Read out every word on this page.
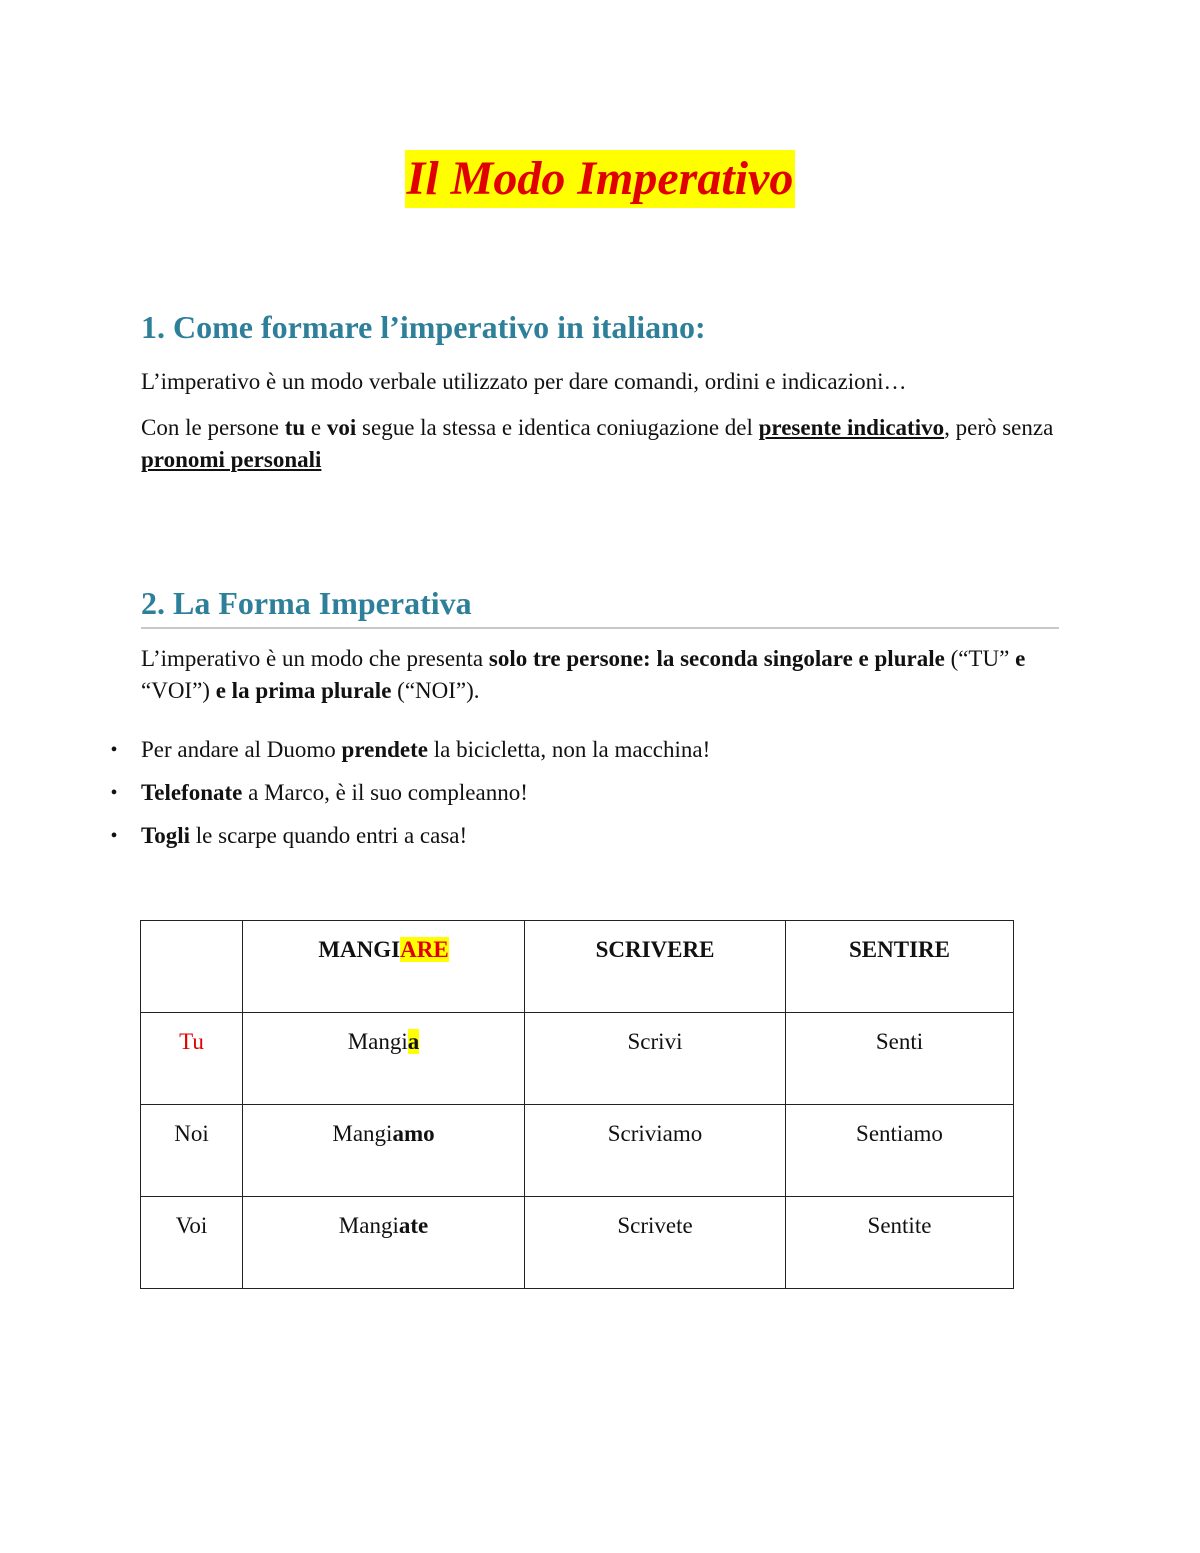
Il Modo Imperativo
1. Come formare l’imperativo in italiano:
L’imperativo è un modo verbale utilizzato per dare comandi, ordini e indicazioni…
Con le persone tu e voi segue la stessa e identica coniugazione del presente indicativo, però senza pronomi personali
2. La Forma Imperativa
L’imperativo è un modo che presenta solo tre persone: la seconda singolare e plurale (“TU” e “VOI”) e la prima plurale (“NOI”).
• Per andare al Duomo prendete la bicicletta, non la macchina!
• Telefonate a Marco, è il suo compleanno!
• Togli le scarpe quando entri a casa!
	MANGIARE	SCRIVERE	SENTIRE
Tu	Mangia	Scrivi	Senti
Noi	Mangiamo	Scriviamo	Sentiamo
Voi	Mangiate	Scrivete	Sentite
